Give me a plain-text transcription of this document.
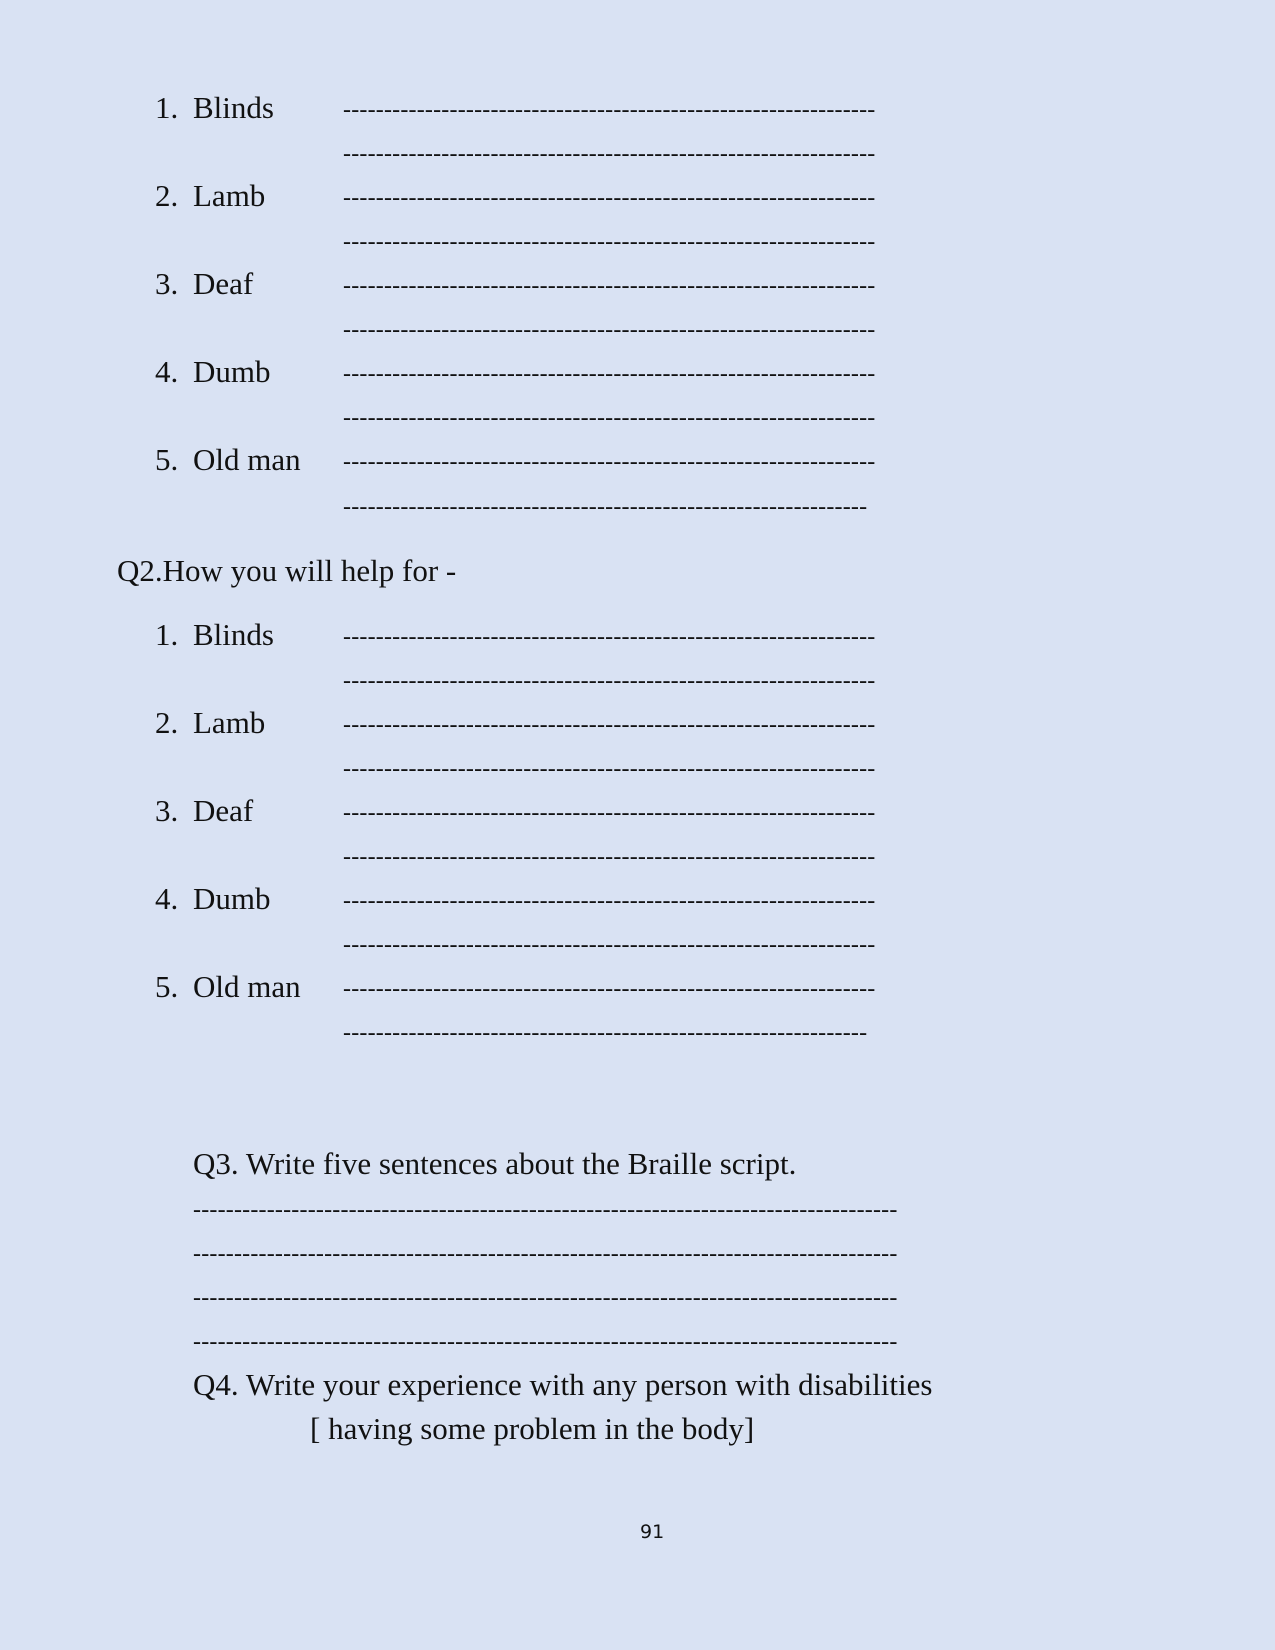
1. Blinds	-----------------------------------------------------------------
-----------------------------------------------------------------
2. Lamb	-----------------------------------------------------------------
-----------------------------------------------------------------
3. Deaf	-----------------------------------------------------------------
-----------------------------------------------------------------
4. Dumb	-----------------------------------------------------------------
-----------------------------------------------------------------
5. Old man -----------------------------------------------------------------
----------------------------------------------------------------
Q2.How you will help for -
1. Blinds	-----------------------------------------------------------------
-----------------------------------------------------------------
2. Lamb	-----------------------------------------------------------------
-----------------------------------------------------------------
3. Deaf	-----------------------------------------------------------------
-----------------------------------------------------------------
4. Dumb	-----------------------------------------------------------------
-----------------------------------------------------------------
5. Old man -----------------------------------------------------------------
----------------------------------------------------------------
Q3. Write five sentences about the Braille script.
--------------------------------------------------------------------------------------
--------------------------------------------------------------------------------------
--------------------------------------------------------------------------------------
--------------------------------------------------------------------------------------
Q4. Write your experience with any person with disabilities
[ having some problem in the body]
91
